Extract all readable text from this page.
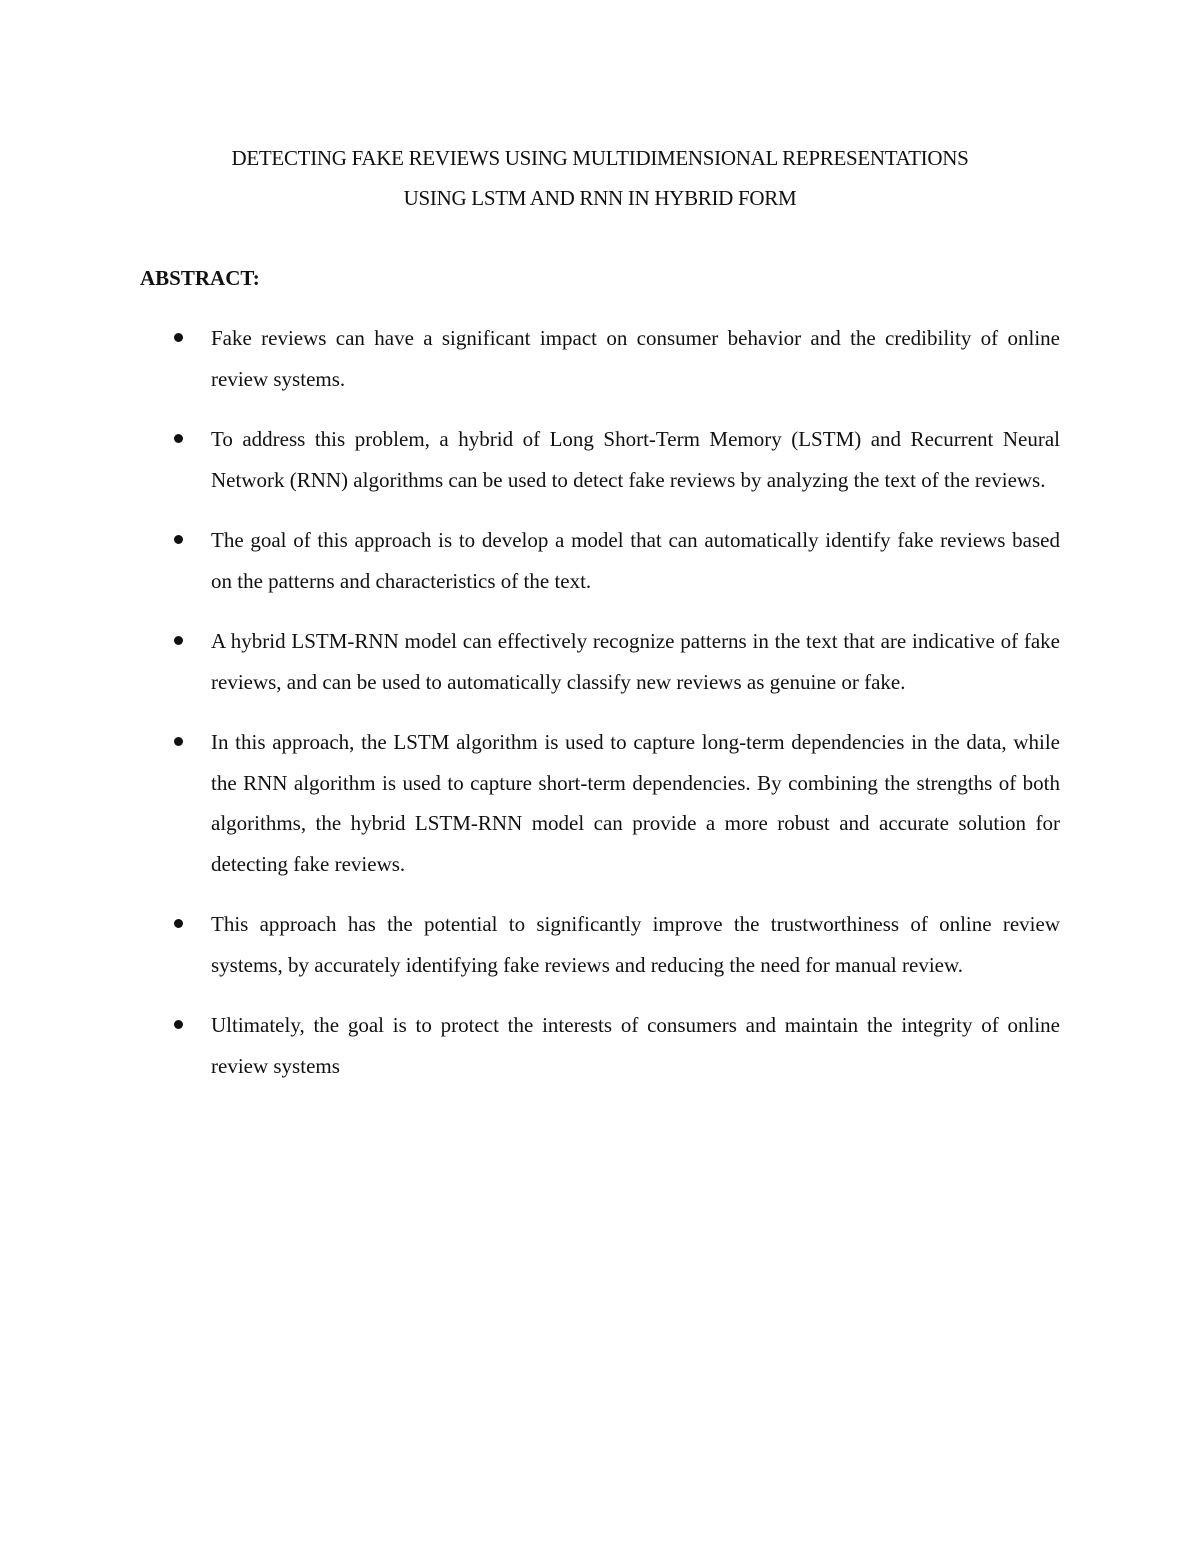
DETECTING FAKE REVIEWS USING MULTIDIMENSIONAL REPRESENTATIONS
USING LSTM AND RNN IN HYBRID FORM
ABSTRACT:
Fake reviews can have a significant impact on consumer behavior and the credibility of online review systems.
To address this problem, a hybrid of Long Short-Term Memory (LSTM) and Recurrent Neural Network (RNN) algorithms can be used to detect fake reviews by analyzing the text of the reviews.
The goal of this approach is to develop a model that can automatically identify fake reviews based on the patterns and characteristics of the text.
A hybrid LSTM-RNN model can effectively recognize patterns in the text that are indicative of fake reviews, and can be used to automatically classify new reviews as genuine or fake.
In this approach, the LSTM algorithm is used to capture long-term dependencies in the data, while the RNN algorithm is used to capture short-term dependencies. By combining the strengths of both algorithms, the hybrid LSTM-RNN model can provide a more robust and accurate solution for detecting fake reviews.
This approach has the potential to significantly improve the trustworthiness of online review systems, by accurately identifying fake reviews and reducing the need for manual review.
Ultimately, the goal is to protect the interests of consumers and maintain the integrity of online review systems
